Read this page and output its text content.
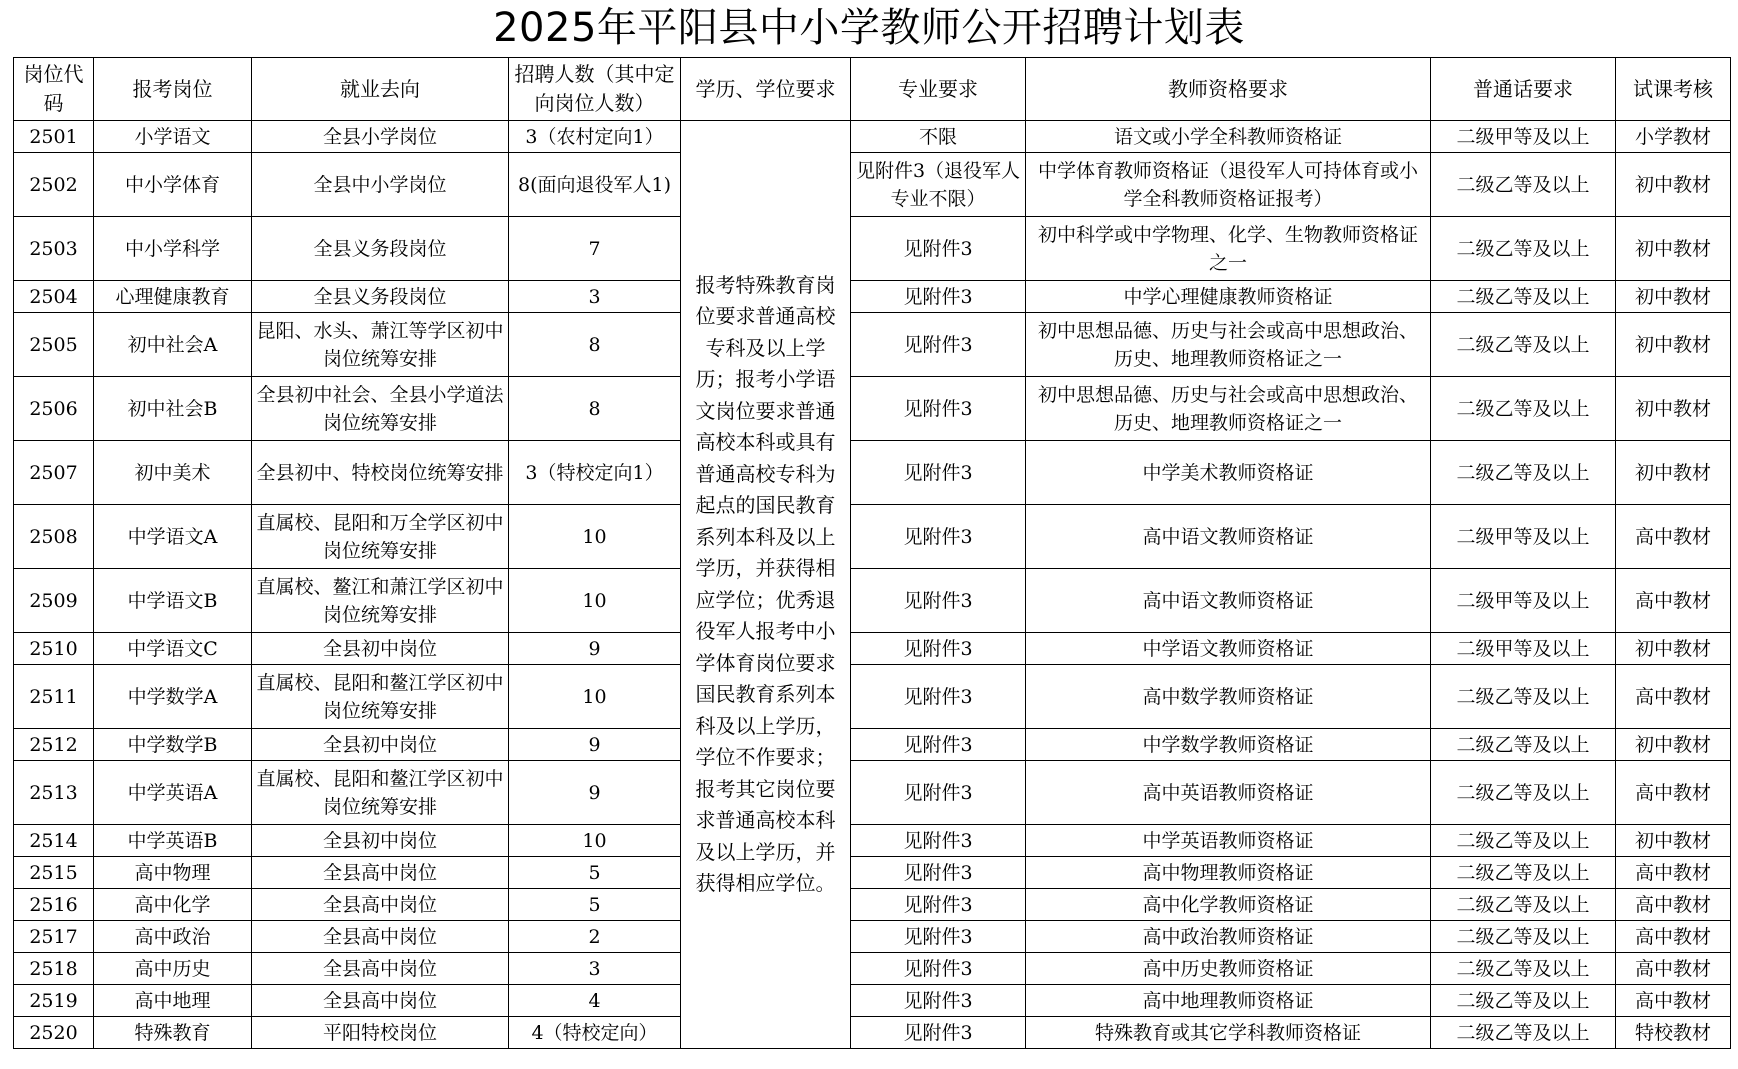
2025年平阳县中小学教师公开招聘计划表
岗位代码	报考岗位	就业去向	招聘人数（其中定向岗位人数）	学历、学位要求	专业要求	教师资格要求	普通话要求	试课考核
2501	小学语文	全县小学岗位	3（农村定向1）	报考特殊教育岗位要求普通高校专科及以上学历；报考小学语文岗位要求普通高校本科或具有普通高校专科为起点的国民教育系列本科及以上学历，并获得相应学位；优秀退役军人报考中小学体育岗位要求国民教育系列本科及以上学历，学位不作要求；报考其它岗位要求普通高校本科及以上学历，并获得相应学位。	不限	语文或小学全科教师资格证	二级甲等及以上	小学教材
2502	中小学体育	全县中小学岗位	8(面向退役军人1)		见附件3（退役军人专业不限）	中学体育教师资格证（退役军人可持体育或小学全科教师资格证报考）	二级乙等及以上	初中教材
2503	中小学科学	全县义务段岗位	7		见附件3	初中科学或中学物理、化学、生物教师资格证之一	二级乙等及以上	初中教材
2504	心理健康教育	全县义务段岗位	3		见附件3	中学心理健康教师资格证	二级乙等及以上	初中教材
2505	初中社会A	昆阳、水头、萧江等学区初中岗位统筹安排	8		见附件3	初中思想品德、历史与社会或高中思想政治、历史、地理教师资格证之一	二级乙等及以上	初中教材
2506	初中社会B	全县初中社会、全县小学道法岗位统筹安排	8		见附件3	初中思想品德、历史与社会或高中思想政治、历史、地理教师资格证之一	二级乙等及以上	初中教材
2507	初中美术	全县初中、特校岗位统筹安排	3（特校定向1）		见附件3	中学美术教师资格证	二级乙等及以上	初中教材
2508	中学语文A	直属校、昆阳和万全学区初中岗位统筹安排	10		见附件3	高中语文教师资格证	二级甲等及以上	高中教材
2509	中学语文B	直属校、鳌江和萧江学区初中岗位统筹安排	10		见附件3	高中语文教师资格证	二级甲等及以上	高中教材
2510	中学语文C	全县初中岗位	9		见附件3	中学语文教师资格证	二级甲等及以上	初中教材
2511	中学数学A	直属校、昆阳和鳌江学区初中岗位统筹安排	10		见附件3	高中数学教师资格证	二级乙等及以上	高中教材
2512	中学数学B	全县初中岗位	9		见附件3	中学数学教师资格证	二级乙等及以上	初中教材
2513	中学英语A	直属校、昆阳和鳌江学区初中岗位统筹安排	9		见附件3	高中英语教师资格证	二级乙等及以上	高中教材
2514	中学英语B	全县初中岗位	10		见附件3	中学英语教师资格证	二级乙等及以上	初中教材
2515	高中物理	全县高中岗位	5		见附件3	高中物理教师资格证	二级乙等及以上	高中教材
2516	高中化学	全县高中岗位	5		见附件3	高中化学教师资格证	二级乙等及以上	高中教材
2517	高中政治	全县高中岗位	2		见附件3	高中政治教师资格证	二级乙等及以上	高中教材
2518	高中历史	全县高中岗位	3		见附件3	高中历史教师资格证	二级乙等及以上	高中教材
2519	高中地理	全县高中岗位	4		见附件3	高中地理教师资格证	二级乙等及以上	高中教材
2520	特殊教育	平阳特校岗位	4（特校定向）		见附件3	特殊教育或其它学科教师资格证	二级乙等及以上	特校教材
